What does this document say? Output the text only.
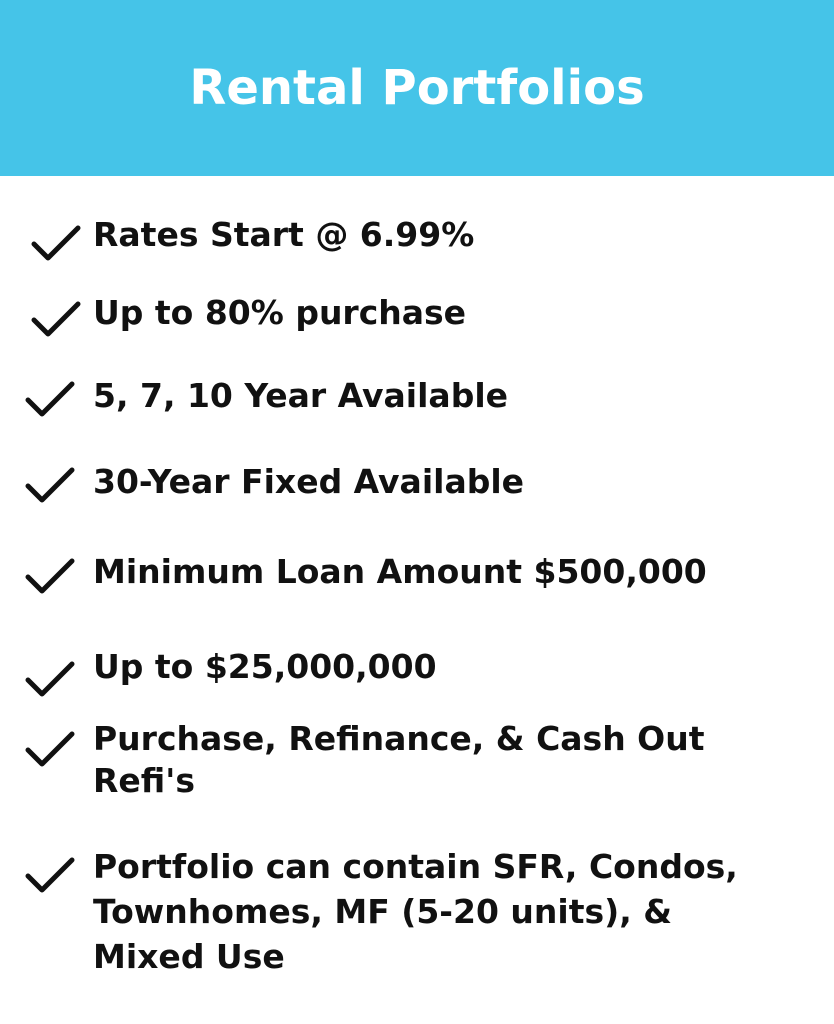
Rental Portfolios
Rates Start @ 6.99%
Up to 80% purchase
5, 7, 10 Year Available
30-Year Fixed Available
Minimum Loan Amount $500,000
Up to $25,000,000
Purchase, Refinance, & Cash Out
Refi's
Portfolio can contain SFR, Condos,
Townhomes, MF (5-20 units), &
Mixed Use
